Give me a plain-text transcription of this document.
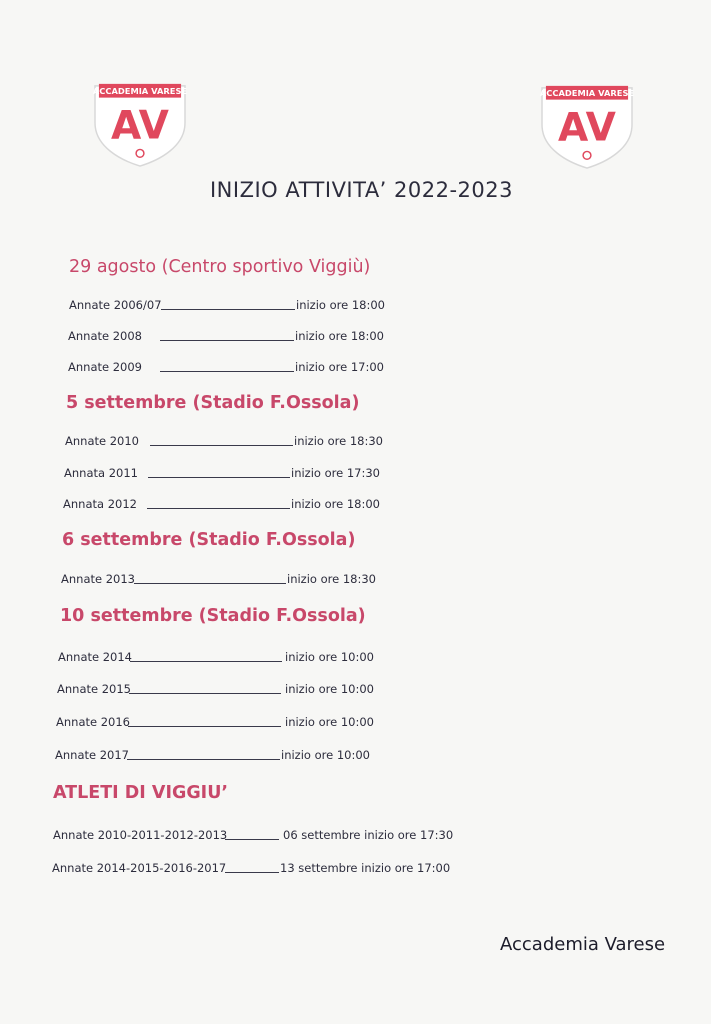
ACCADEMIA VARESE
AV
ACCADEMIA VARESE
AV
INIZIO ATTIVITA’ 2022-2023
29 agosto (Centro sportivo Viggiù)
Annate 2006/07	inizio ore 18:00
Annate 2008	inizio ore 18:00
Annate 2009	inizio ore 17:00
5 settembre (Stadio F.Ossola)
Annate 2010	inizio ore 18:30
Annata 2011	inizio ore 17:30
Annata 2012	inizio ore 18:00
6 settembre (Stadio F.Ossola)
Annate 2013	inizio ore 18:30
10 settembre (Stadio F.Ossola)
Annate 2014	inizio ore 10:00
Annate 2015	inizio ore 10:00
Annate 2016	inizio ore 10:00
Annate 2017	inizio ore 10:00
ATLETI DI VIGGIU’
Annate 2010-2011-2012-2013	06 settembre inizio ore 17:30
Annate 2014-2015-2016-2017	13 settembre inizio ore 17:00
Accademia Varese
